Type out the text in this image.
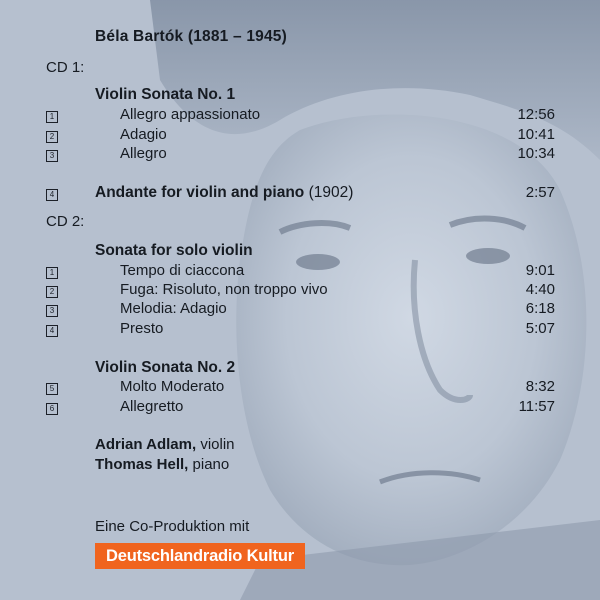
Béla Bartók (1881 – 1945)
CD 1:
Violin Sonata No. 1
1	Allegro appassionato	12:56
2	Adagio	10:41
3	Allegro	10:34
4	Andante for violin and piano (1902)	2:57
CD 2:
Sonata for solo violin
1	Tempo di ciaccona	9:01
2	Fuga: Risoluto, non troppo vivo	4:40
3	Melodia: Adagio	6:18
4	Presto	5:07
Violin Sonata No. 2
5	Molto Moderato	8:32
6	Allegretto	11:57
Adrian Adlam, violin
Thomas Hell, piano
Eine Co-Produktion mit
Deutschlandradio Kultur
